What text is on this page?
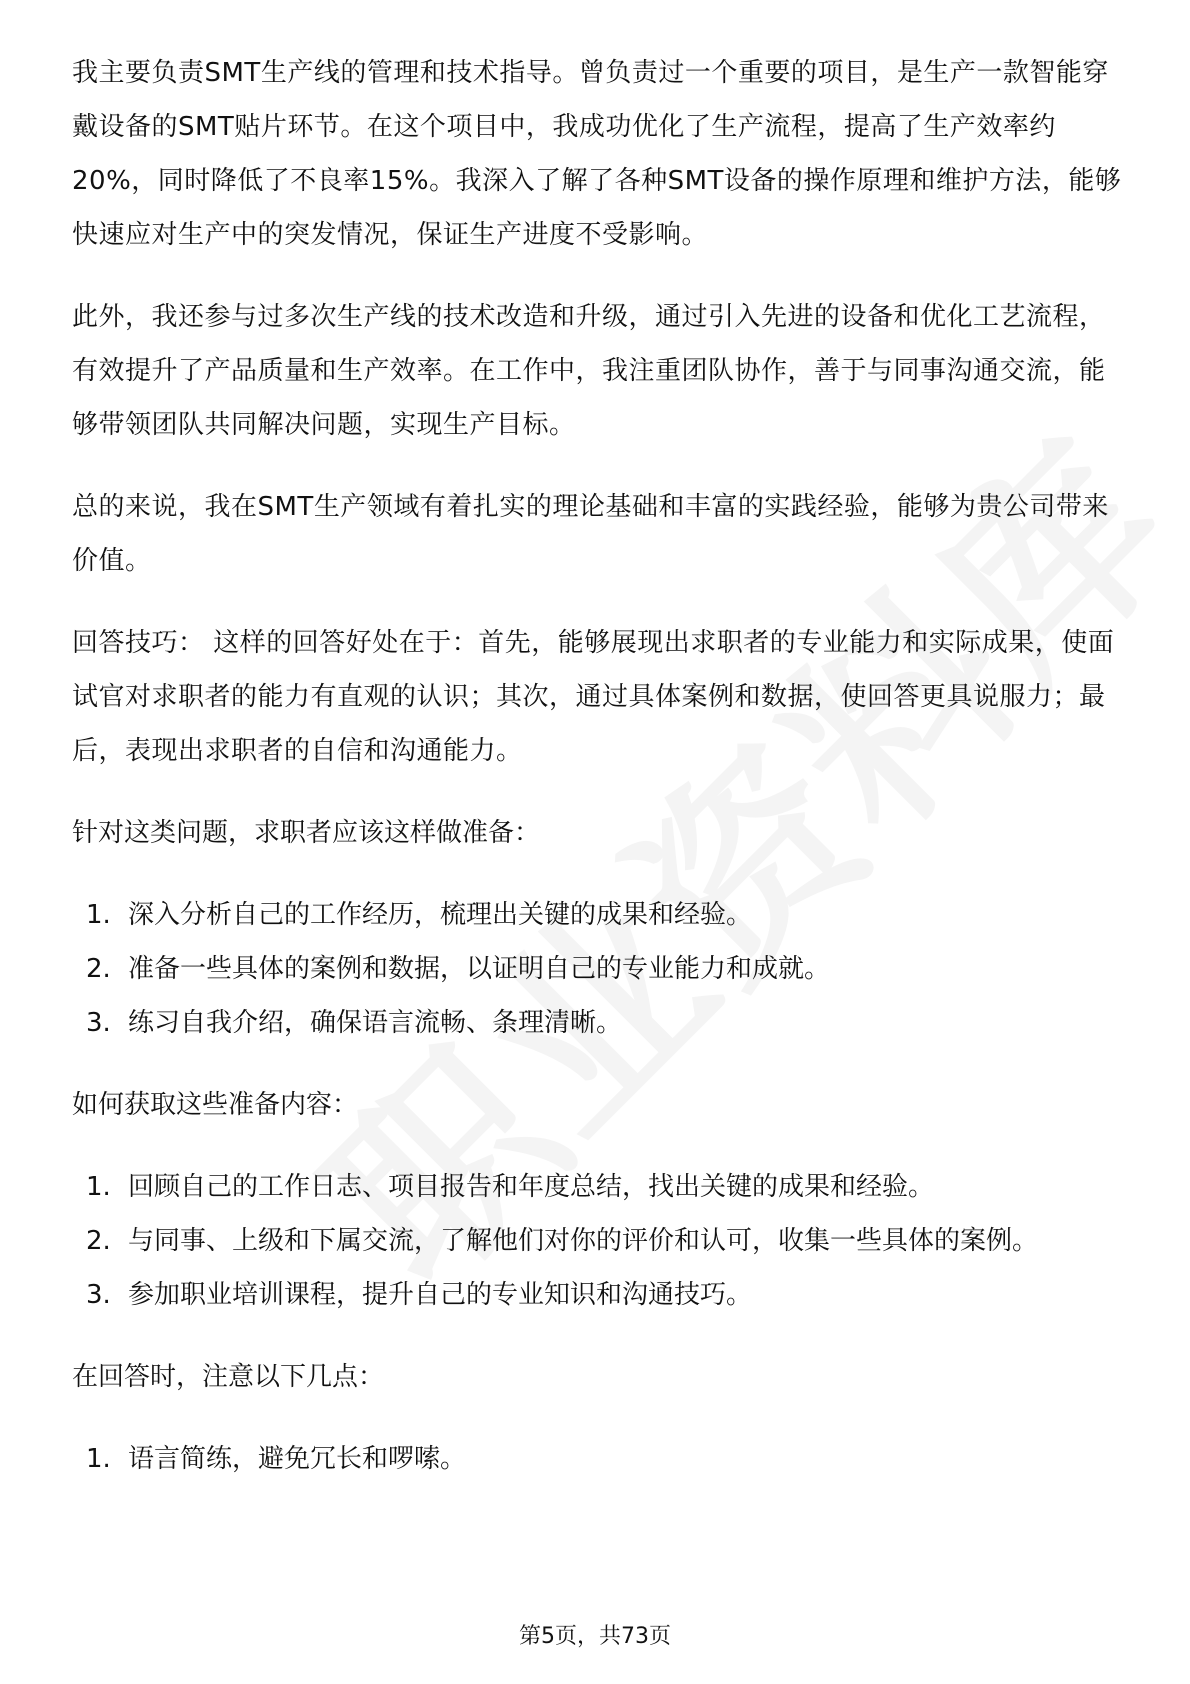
我主要负责SMT生产线的管理和技术指导。曾负责过一个重要的项目，是生产一款智能穿戴设备的SMT贴片环节。在这个项目中，我成功优化了生产流程，提高了生产效率约20%，同时降低了不良率15%。我深入了解了各种SMT设备的操作原理和维护方法，能够快速应对生产中的突发情况，保证生产进度不受影响。

此外，我还参与过多次生产线的技术改造和升级，通过引入先进的设备和优化工艺流程，有效提升了产品质量和生产效率。在工作中，我注重团队协作，善于与同事沟通交流，能够带领团队共同解决问题，实现生产目标。

总的来说，我在SMT生产领域有着扎实的理论基础和丰富的实践经验，能够为贵公司带来价值。

回答技巧： 这样的回答好处在于：首先，能够展现出求职者的专业能力和实际成果，使面试官对求职者的能力有直观的认识；其次，通过具体案例和数据，使回答更具说服力；最后，表现出求职者的自信和沟通能力。

针对这类问题，求职者应该这样做准备：

1. 深入分析自己的工作经历，梳理出关键的成果和经验。
2. 准备一些具体的案例和数据，以证明自己的专业能力和成就。
3. 练习自我介绍，确保语言流畅、条理清晰。

如何获取这些准备内容：

1. 回顾自己的工作日志、项目报告和年度总结，找出关键的成果和经验。
2. 与同事、上级和下属交流，了解他们对你的评价和认可，收集一些具体的案例。
3. 参加职业培训课程，提升自己的专业知识和沟通技巧。

在回答时，注意以下几点：

1. 语言简练，避免冗长和啰嗦。
第5页，共73页
